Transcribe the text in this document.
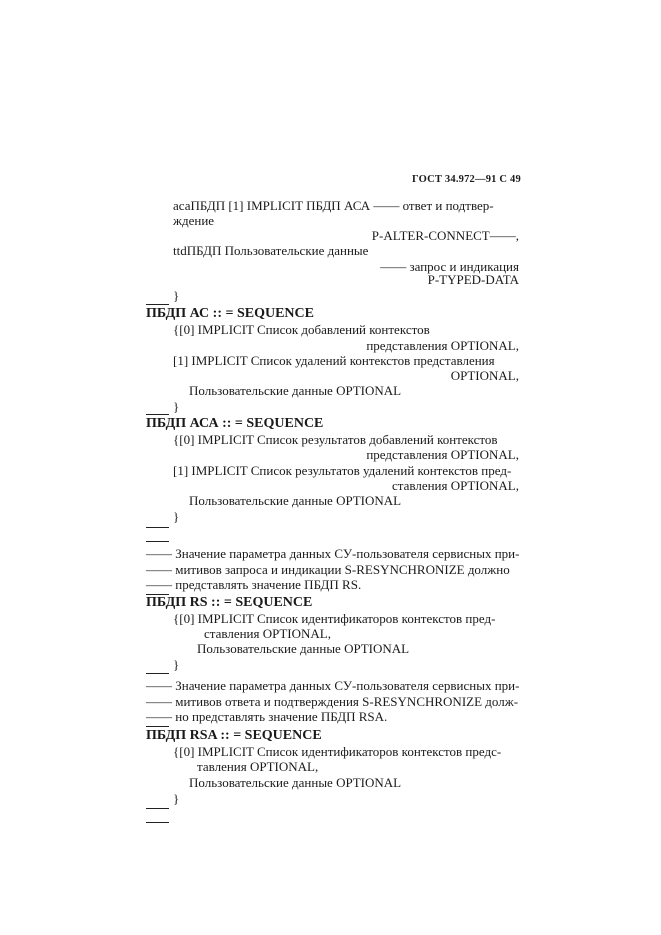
ГОСТ 34.972—91 С 49
асаПБДП [1] IMPLICIT ПБДП АСА —— ответ и подтвер-
ждение
P-ALTER-CONNECT——,
ttdПБДП Пользовательские данные
—— запрос и индикация
P-TYPED-DATA
}
ПБДП АС :: = SEQUENCE
{[0] IMPLICIT Список добавлений контекстов
представления OPTIONAL,
[1] IMPLICIT Список удалений контекстов представления
OPTIONAL,
Пользовательские данные OPTIONAL
}
ПБДП АСА :: = SEQUENCE
{[0] IMPLICIT Список результатов добавлений контекстов
представления OPTIONAL,
[1] IMPLICIT Список результатов удалений контекстов пред-
ставления OPTIONAL,
Пользовательские данные OPTIONAL
}
—— Значение параметра данных СУ-пользователя сервисных при-
—— митивов запроса и индикации S-RESYNCHRONIZE должно
—— представлять значение ПБДП RS.
ПБДП RS :: = SEQUENCE
{[0] IMPLICIT Список идентификаторов контекстов пред-
ставления OPTIONAL,
Пользовательские данные OPTIONAL
}
—— Значение параметра данных СУ-пользователя сервисных при-
—— митивов ответа и подтверждения S-RESYNCHRONIZE долж-
—— но представлять значение ПБДП RSA.
ПБДП RSA :: = SEQUENCE
{[0] IMPLICIT Список идентификаторов контекстов предс-
тавления OPTIONAL,
Пользовательские данные OPTIONAL
}
